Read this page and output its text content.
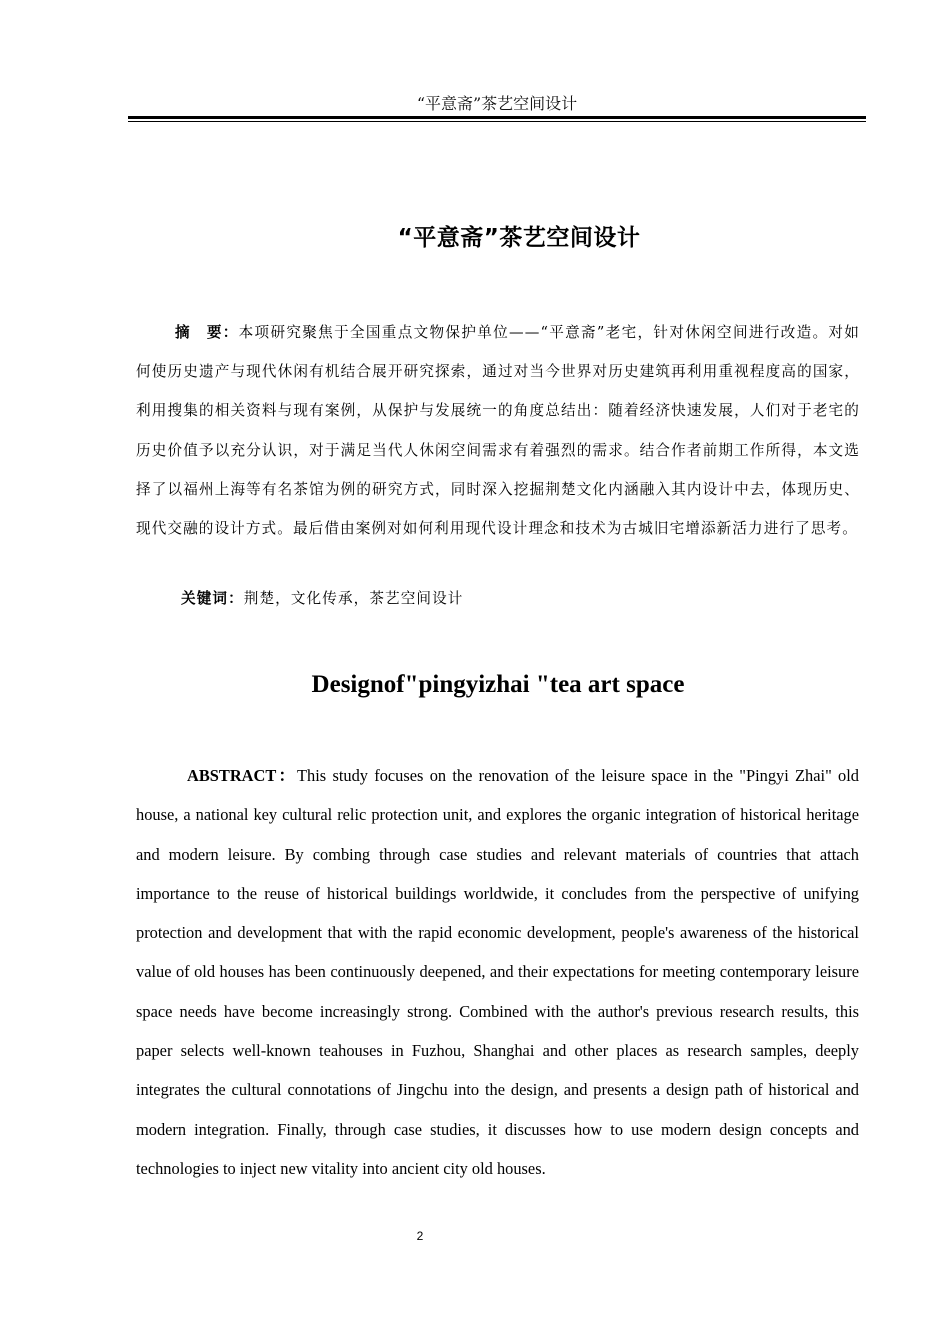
“平意斋”茶艺空间设计
“平意斋”茶艺空间设计
摘　要：本项研究聚焦于全国重点文物保护单位——“平意斋”老宅，针对休闲空间进行改造。对如何使历史遗产与现代休闲有机结合展开研究探索，通过对当今世界对历史建筑再利用重视程度高的国家，利用搜集的相关资料与现有案例，从保护与发展统一的角度总结出：随着经济快速发展，人们对于老宅的历史价值予以充分认识，对于满足当代人休闲空间需求有着强烈的需求。结合作者前期工作所得，本文选择了以福州上海等有名茶馆为例的研究方式，同时深入挖掘荆楚文化内涵融入其内设计中去，体现历史、现代交融的设计方式。最后借由案例对如何利用现代设计理念和技术为古城旧宅增添新活力进行了思考。
关键词：荆楚，文化传承，茶艺空间设计
Designof"pingyizhai "tea art space
ABSTRACT：This study focuses on the renovation of the leisure space in the "Pingyi Zhai" old house, a national key cultural relic protection unit, and explores the organic integration of historical heritage and modern leisure. By combing through case studies and relevant materials of countries that attach importance to the reuse of historical buildings worldwide, it concludes from the perspective of unifying protection and development that with the rapid economic development, people's awareness of the historical value of old houses has been continuously deepened, and their expectations for meeting contemporary leisure space needs have become increasingly strong. Combined with the author's previous research results, this paper selects well-known teahouses in Fuzhou, Shanghai and other places as research samples, deeply integrates the cultural connotations of Jingchu into the design, and presents a design path of historical and modern integration. Finally, through case studies, it discusses how to use modern design concepts and technologies to inject new vitality into ancient city old houses.
2
